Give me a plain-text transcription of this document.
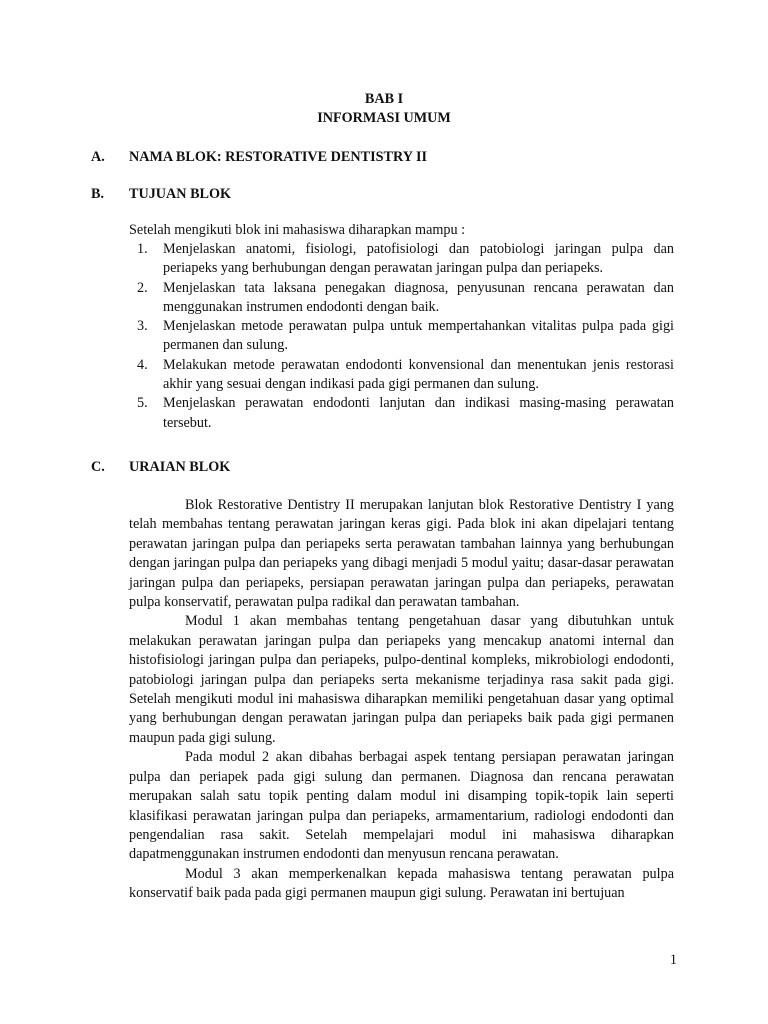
BAB I
INFORMASI UMUM
A. NAMA BLOK: RESTORATIVE DENTISTRY II
B. TUJUAN BLOK
Setelah mengikuti blok ini mahasiswa diharapkan mampu :
1.	Menjelaskan anatomi, fisiologi, patofisiologi dan patobiologi jaringan pulpa dan periapeks yang berhubungan dengan perawatan jaringan pulpa dan periapeks.
2.	Menjelaskan tata laksana penegakan diagnosa, penyusunan rencana perawatan dan menggunakan instrumen endodonti dengan baik.
3.	Menjelaskan metode perawatan pulpa untuk mempertahankan vitalitas pulpa pada gigi permanen dan sulung.
4.	Melakukan metode perawatan endodonti konvensional dan menentukan jenis restorasi akhir yang sesuai dengan indikasi pada gigi permanen dan sulung.
5.	Menjelaskan perawatan endodonti lanjutan dan indikasi masing-masing perawatan tersebut.
C. URAIAN BLOK

Blok Restorative Dentistry II merupakan lanjutan blok Restorative Dentistry I yang telah membahas tentang perawatan jaringan keras gigi. Pada blok ini akan dipelajari tentang perawatan jaringan pulpa dan periapeks serta perawatan tambahan lainnya yang berhubungan dengan jaringan pulpa dan periapeks yang dibagi menjadi 5 modul yaitu; dasar-dasar perawatan jaringan pulpa dan periapeks, persiapan perawatan jaringan pulpa dan periapeks, perawatan pulpa konservatif, perawatan pulpa radikal dan perawatan tambahan.

Modul 1 akan membahas tentang pengetahuan dasar yang dibutuhkan untuk melakukan perawatan jaringan pulpa dan periapeks yang mencakup anatomi internal dan histofisiologi jaringan pulpa dan periapeks, pulpo-dentinal kompleks, mikrobiologi endodonti, patobiologi jaringan pulpa dan periapeks serta mekanisme terjadinya rasa sakit pada gigi. Setelah mengikuti modul ini mahasiswa diharapkan memiliki pengetahuan dasar yang optimal yang berhubungan dengan perawatan jaringan pulpa dan periapeks baik pada gigi permanen maupun pada gigi sulung.

Pada modul 2 akan dibahas berbagai aspek tentang persiapan perawatan jaringan pulpa dan periapek pada gigi sulung dan permanen. Diagnosa dan rencana perawatan merupakan salah satu topik penting dalam modul ini disamping topik-topik lain seperti klasifikasi perawatan jaringan pulpa dan periapeks, armamentarium, radiologi endodonti dan pengendalian rasa sakit. Setelah mempelajari modul ini mahasiswa diharapkan dapatmenggunakan instrumen endodonti dan menyusun rencana perawatan.

Modul 3 akan memperkenalkan kepada mahasiswa tentang perawatan pulpa konservatif baik pada pada gigi permanen maupun gigi sulung. Perawatan ini bertujuan

1
